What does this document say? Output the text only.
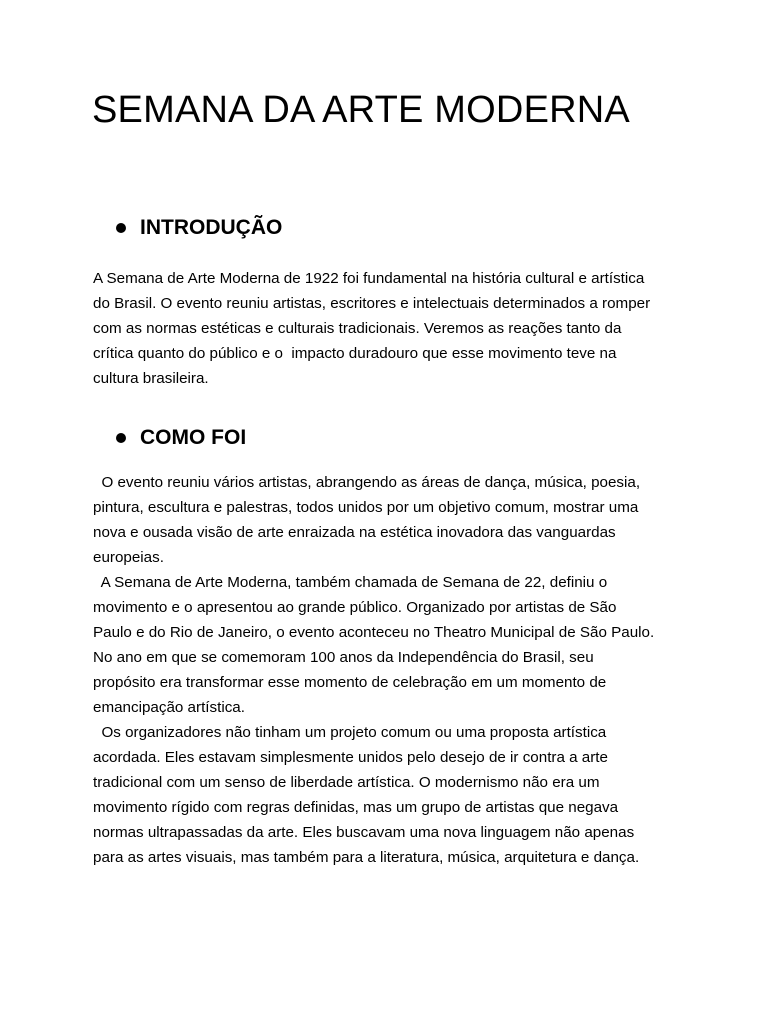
SEMANA DA ARTE MODERNA
INTRODUÇÃO
A Semana de Arte Moderna de 1922 foi fundamental na história cultural e artística
do Brasil. O evento reuniu artistas, escritores e intelectuais determinados a romper
com as normas estéticas e culturais tradicionais. Veremos as reações tanto da
crítica quanto do público e o  impacto duradouro que esse movimento teve na
cultura brasileira.
COMO FOI
O evento reuniu vários artistas, abrangendo as áreas de dança, música, poesia,
pintura, escultura e palestras, todos unidos por um objetivo comum, mostrar uma
nova e ousada visão de arte enraizada na estética inovadora das vanguardas
europeias.
A Semana de Arte Moderna, também chamada de Semana de 22, definiu o
movimento e o apresentou ao grande público. Organizado por artistas de São
Paulo e do Rio de Janeiro, o evento aconteceu no Theatro Municipal de São Paulo.
No ano em que se comemoram 100 anos da Independência do Brasil, seu
propósito era transformar esse momento de celebração em um momento de
emancipação artística.
Os organizadores não tinham um projeto comum ou uma proposta artística
acordada. Eles estavam simplesmente unidos pelo desejo de ir contra a arte
tradicional com um senso de liberdade artística. O modernismo não era um
movimento rígido com regras definidas, mas um grupo de artistas que negava
normas ultrapassadas da arte. Eles buscavam uma nova linguagem não apenas
para as artes visuais, mas também para a literatura, música, arquitetura e dança.
